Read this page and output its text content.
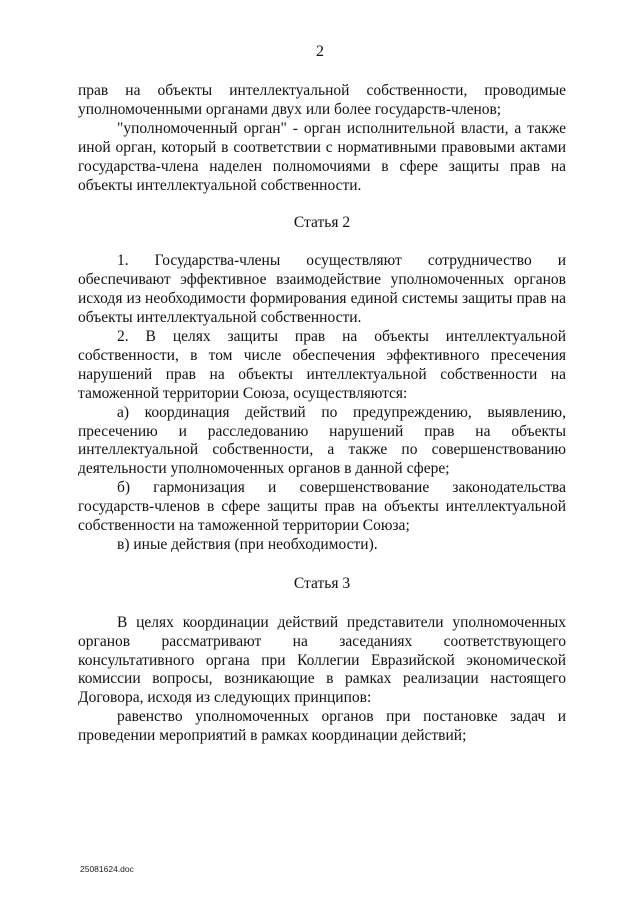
2

прав на объекты интеллектуальной собственности, проводимые уполномоченными органами двух или более государств-членов;

"уполномоченный орган" - орган исполнительной власти, а также иной орган, который в соответствии с нормативными правовыми актами государства-члена наделен полномочиями в сфере защиты прав на объекты интеллектуальной собственности.

Статья 2

1. Государства-члены осуществляют сотрудничество и обеспечивают эффективное взаимодействие уполномоченных органов исходя из необходимости формирования единой системы защиты прав на объекты интеллектуальной собственности.

2. В целях защиты прав на объекты интеллектуальной собственности, в том числе обеспечения эффективного пресечения нарушений прав на объекты интеллектуальной собственности на таможенной территории Союза, осуществляются:

а) координация действий по предупреждению, выявлению, пресечению и расследованию нарушений прав на объекты интеллектуальной собственности, а также по совершенствованию деятельности уполномоченных органов в данной сфере;

б) гармонизация и совершенствование законодательства государств-членов в сфере защиты прав на объекты интеллектуальной собственности на таможенной территории Союза;

в) иные действия (при необходимости).

Статья 3

В целях координации действий представители уполномоченных органов рассматривают на заседаниях соответствующего консультативного органа при Коллегии Евразийской экономической комиссии вопросы, возникающие в рамках реализации настоящего Договора, исходя из следующих принципов:

равенство уполномоченных органов при постановке задач и проведении мероприятий в рамках координации действий;

25081624.doc
